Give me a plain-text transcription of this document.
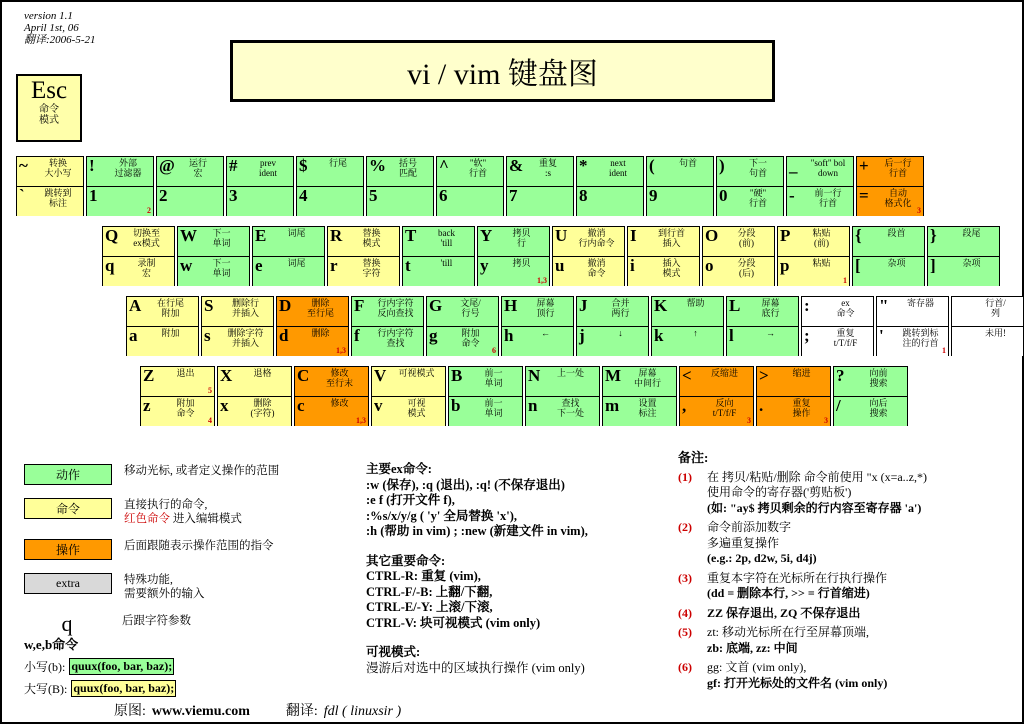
version 1.1
April 1st, 06
翻译:2006-5-21
vi / vim 键盘图
Esc
命令
模式
~	转换
大小写
`	跳转到
标注
!	外部
过滤器
1
2
@	运行
宏
2
#	prev
ident
3
$	行尾
4
%	括号
匹配
5
^	"软"
行首
6
&	重复
:s
7
*	next
ident
8
(	句首
9
)	下一
句首
0	"硬"
行首
_	"soft" bol
down
-	前一行
行首
+	后一行
行首
=	自动
格式化
3
Q	切换至
ex模式
q	录制
宏
W	下一
单词
w	下一
单词
E	词尾
e	词尾
R	替换
模式
r	替换
字符
T	back
'till
t	'till
Y	拷贝
行
y	拷贝
1,3
U	撤消
行内命令
u	撤消
命令
I	到行首
插入
i	插入
模式
O	分段
(前)
o	分段
(后)
P	粘贴
(前)
p	粘贴
1
{	段首
[	杂项
}	段尾
]	杂项
A	在行尾
附加
a	附加
S	删除行
并插入
s	删除字符
并插入
D	删除
至行尾
d	删除
1,3
F	行内字符
反向查找
f	行内字符
查找
G	文尾/
行号
g	附加
命令
6
H	屏幕
顶行
h	←
J	合并
两行
j	↓
K	帮助
k	↑
L	屏幕
底行
l	→
:	ex
命令
;	重复
t/T/f/F
"	寄存器
'	跳转到标
注的行首
1
行首/
列
未用!
Z	退出
5
z	附加
命令
4
X	退格
x	删除
(字符)
C	修改
至行末
c	修改
1,3
V	可视模式
v	可视
模式
B	前一
单词
b	前一
单词
N	上一处
n	查找
下一处
M	屏幕
中间行
m	设置
标注
<	反缩进
,	反向
t/T/f/F
3
>	缩进
.	重复
操作
3
?	向前
搜索
/	向后
搜索
动作	移动光标, 或者定义操作的范围
命令	直接执行的命令,
红色命令 进入编辑模式
操作	后面跟随表示操作范围的指令
extra	特殊功能,
需要额外的输入
q	后跟字符参数
w,e,b命令
小写(b): quux(foo, bar, baz);
大写(B): quux(foo, bar, baz);
主要ex命令:
:w (保存), :q (退出), :q! (不保存退出)
:e f (打开文件 f),
:%s/x/y/g ( 'y' 全局替换 'x'),
:h (帮助 in vim) ; :new (新建文件 in vim),
其它重要命令:
CTRL-R: 重复 (vim),
CTRL-F/-B: 上翻/下翻,
CTRL-E/-Y: 上滚/下滚,
CTRL-V: 块可视模式 (vim only)
可视模式:
漫游后对选中的区域执行操作 (vim only)
备注:
(1)	在 拷贝/粘贴/删除 命令前使用 "x (x=a..z,*)
使用命令的寄存器('剪贴板')
(如: "ay$ 拷贝剩余的行内容至寄存器 'a')
(2)	命令前添加数字
多遍重复操作
(e.g.: 2p, d2w, 5i, d4j)
(3)	重复本字符在光标所在行执行操作
(dd = 删除本行, >> = 行首缩进)
(4)	ZZ 保存退出, ZQ 不保存退出
(5)	zt: 移动光标所在行至屏幕顶端,
zb: 底端, zz: 中间
(6)	gg: 文首 (vim only),
gf: 打开光标处的文件名 (vim only)
原图: www.viemu.com	翻译: fdl ( linuxsir )
